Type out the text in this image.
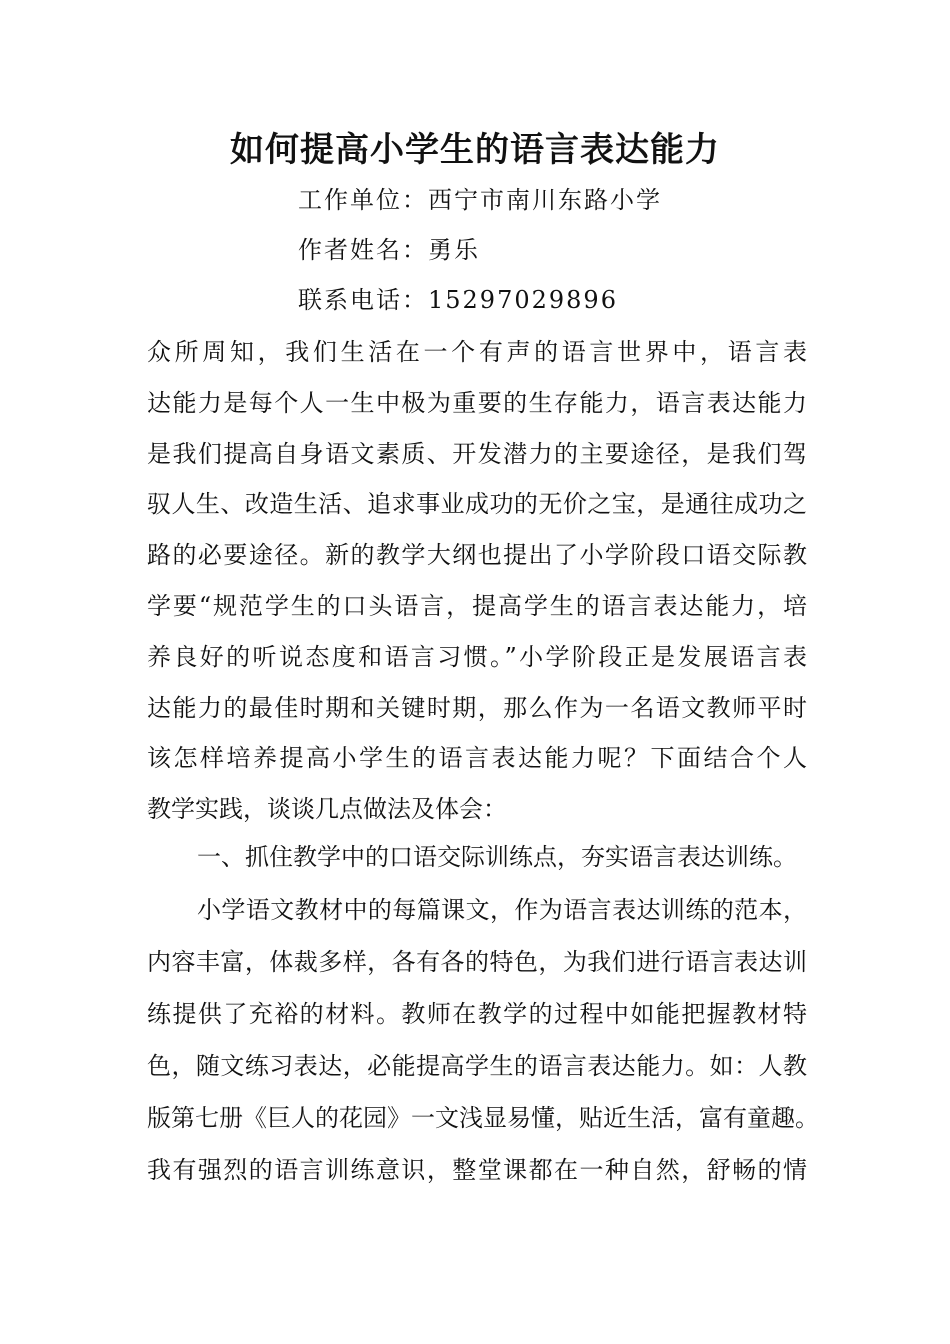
如何提高小学生的语言表达能力

工作单位：西宁市南川东路小学

作者姓名：勇乐

联系电话：15297029896

众所周知，我们生活在一个有声的语言世界中，语言表
达能力是每个人一生中极为重要的生存能力，语言表达能力
是我们提高自身语文素质、开发潜力的主要途径，是我们驾
驭人生、改造生活、追求事业成功的无价之宝，是通往成功之
路的必要途径。新的教学大纲也提出了小学阶段口语交际教
学要“规范学生的口头语言，提高学生的语言表达能力，培
养良好的听说态度和语言习惯。”小学阶段正是发展语言表
达能力的最佳时期和关键时期，那么作为一名语文教师平时
该怎样培养提高小学生的语言表达能力呢？下面结合个人
教学实践，谈谈几点做法及体会：

一、抓住教学中的口语交际训练点，夯实语言表达训练。

小学语文教材中的每篇课文，作为语言表达训练的范本，
内容丰富，体裁多样，各有各的特色，为我们进行语言表达训
练提供了充裕的材料。教师在教学的过程中如能把握教材特
色，随文练习表达，必能提高学生的语言表达能力。如：人教
版第七册《巨人的花园》一文浅显易懂，贴近生活，富有童趣。
我有强烈的语言训练意识，整堂课都在一种自然，舒畅的情
